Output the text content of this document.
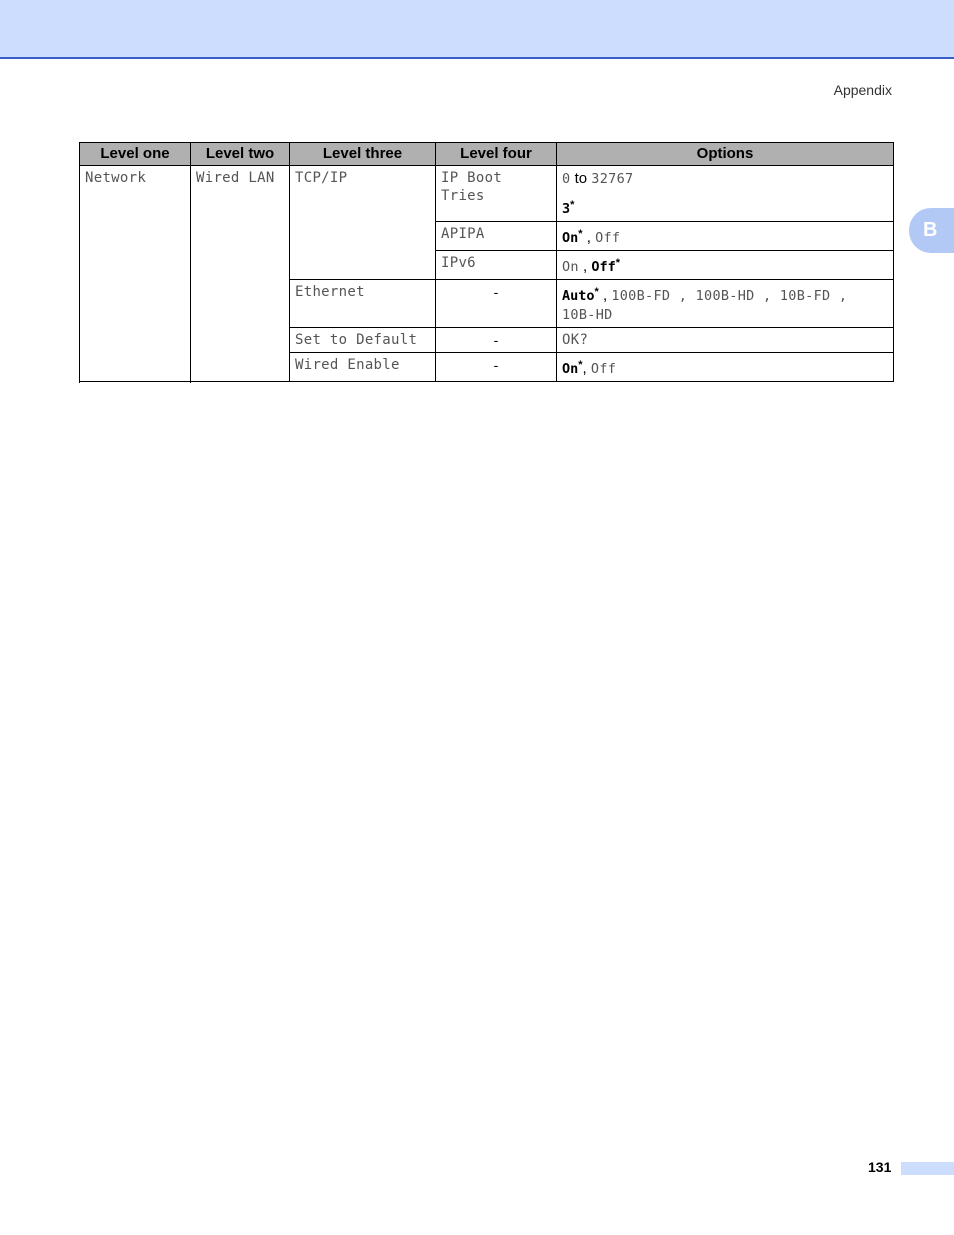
Appendix
B
Level one	Level two	Level three	Level four	Options
Network	Wired LAN	TCP/IP	IP Boot Tries	0 to 32767
3*

			APIPA	On* , Off
			IPv6	On , Off*
		Ethernet	-	Auto* , 100B-FD , 100B-HD , 10B-FD , 10B-HD
		Set to Default	-	OK?
		Wired Enable	-	On*, Off

131
